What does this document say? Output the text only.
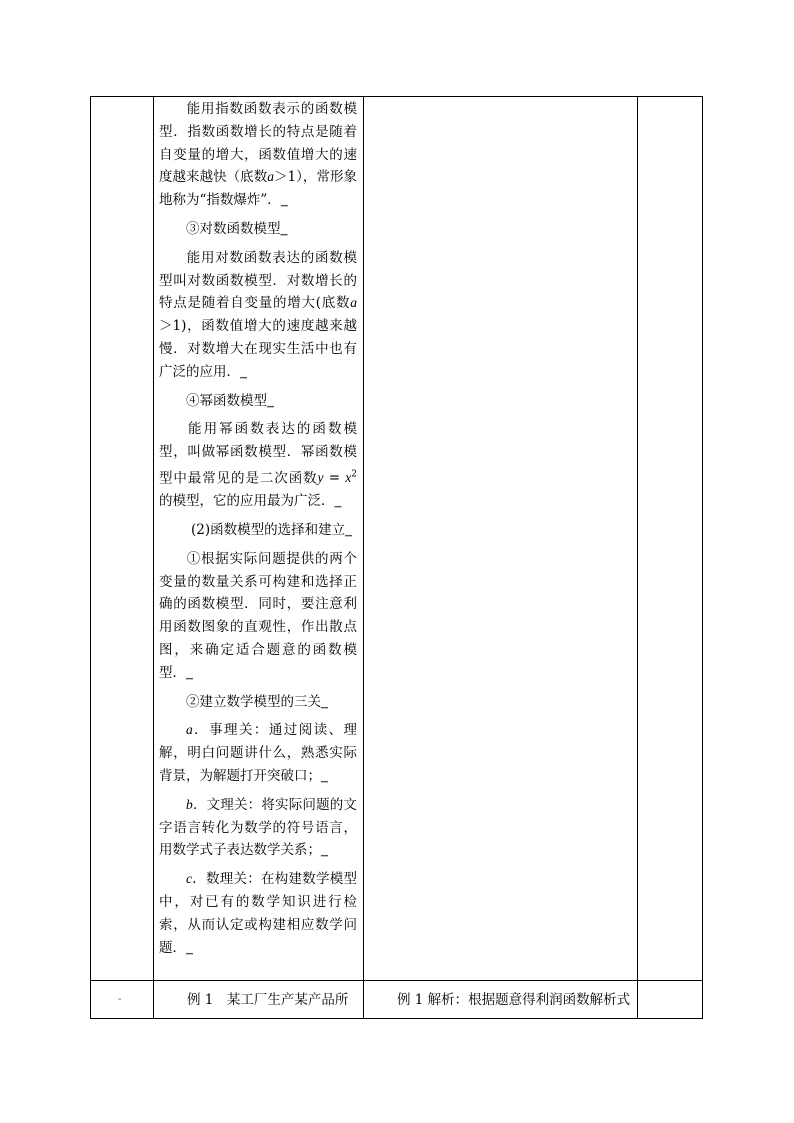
能用指数函数表示的函数模型．指数函数增长的特点是随着自变量的增大，函数值增大的速度越来越快（底数a＞1），常形象地称为“指数爆炸”．▁

③对数函数模型▁

能用对数函数表达的函数模型叫对数函数模型．对数增长的特点是随着自变量的增大(底数a＞1)，函数值增大的速度越来越慢．对数增大在现实生活中也有广泛的应用．▁

④幂函数模型▁

能用幂函数表达的函数模型，叫做幂函数模型．幂函数模型中最常见的是二次函数$y = x^2$ 的模型，它的应用最为广泛．▁

(2)函数模型的选择和建立▁

①根据实际问题提供的两个变量的数量关系可构建和选择正确的函数模型．同时，要注意利用函数图象的直观性，作出散点图，来确定适合题意的函数模型．▁

②建立数学模型的三关▁

a．事理关：通过阅读、理解，明白问题讲什么，熟悉实际背景，为解题打开突破口；▁

b．文理关：将实际问题的文字语言转化为数学的符号语言，用数学式子表达数学关系；▁

c．数理关：在构建数学模型中，对已有的数学知识进行检索，从而认定或构建相应数学问题．▁

-	例 1　某工厂生产某产品所	例 1 解析：根据题意得利润函数解析式
